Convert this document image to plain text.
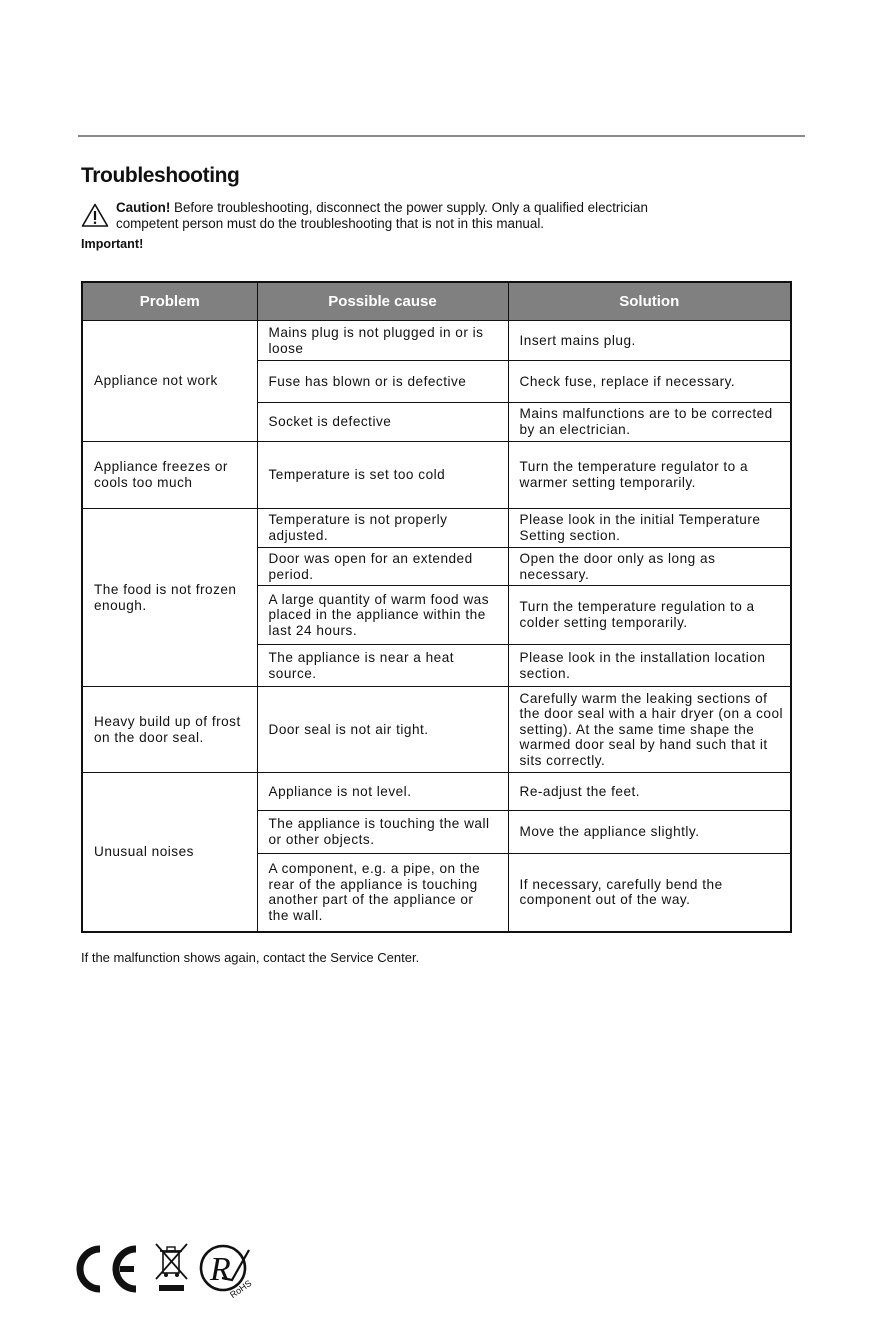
Troubleshooting
Caution! Before troubleshooting, disconnect the power supply. Only a qualified electrician
competent person must do the troubleshooting that is not in this manual.
Important!
Problem	Possible cause	Solution
Appliance not work	Mains plug is not plugged in or is loose	Insert mains plug.
	Fuse has blown or is defective	Check fuse, replace if necessary.
	Socket is defective	Mains malfunctions are to be corrected by an electrician.
Appliance freezes or cools too much	Temperature is set too cold	Turn the temperature regulator to a warmer setting temporarily.
The food is not frozen enough.	Temperature is not properly adjusted.	Please look in the initial Temperature Setting section.
	Door was open for an extended period.	Open the door only as long as necessary.
	A large quantity of warm food was placed in the appliance within the last 24 hours.	Turn the temperature regulation to a colder setting temporarily.
	The appliance is near a heat source.	Please look in the installation location section.
Heavy build up of frost on the door seal.	Door seal is not air tight.	Carefully warm the leaking sections of the door seal with a hair dryer (on a cool setting). At the same time shape the warmed door seal by hand such that it sits correctly.
Unusual noises	Appliance is not level.	Re-adjust the feet.
	The appliance is touching the wall or other objects.	Move the appliance slightly.
	A component, e.g. a pipe, on the rear of the appliance is touching another part of the appliance or the wall.	If necessary, carefully bend the component out of the way.
If the malfunction shows again, contact the Service Center.
R
RoHS
